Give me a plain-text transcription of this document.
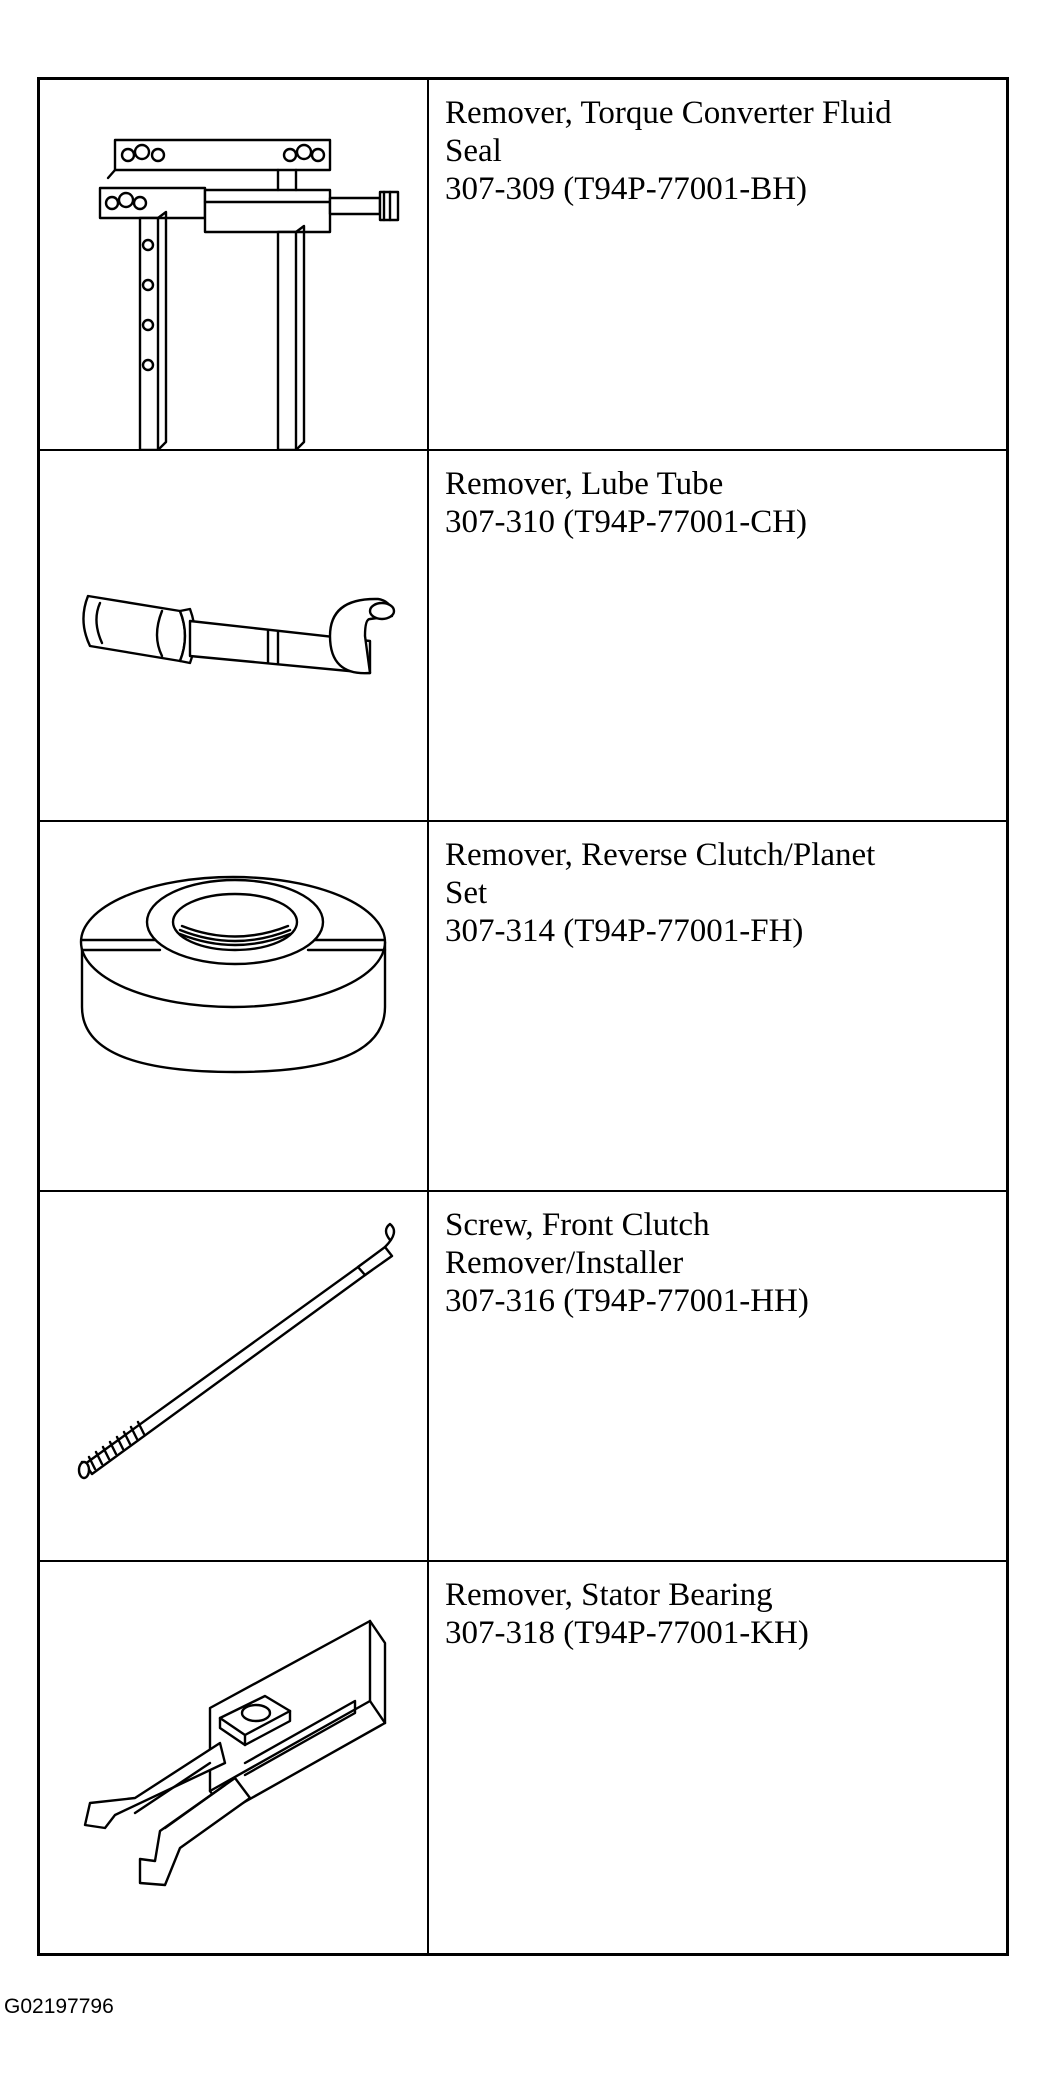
Remover, Torque Converter Fluid
Seal
307-309 (T94P-77001-BH)
Remover, Lube Tube
307-310 (T94P-77001-CH)
Remover, Reverse Clutch/Planet
Set
307-314 (T94P-77001-FH)
Screw, Front Clutch
Remover/Installer
307-316 (T94P-77001-HH)
Remover, Stator Bearing
307-318 (T94P-77001-KH)
G02197796
